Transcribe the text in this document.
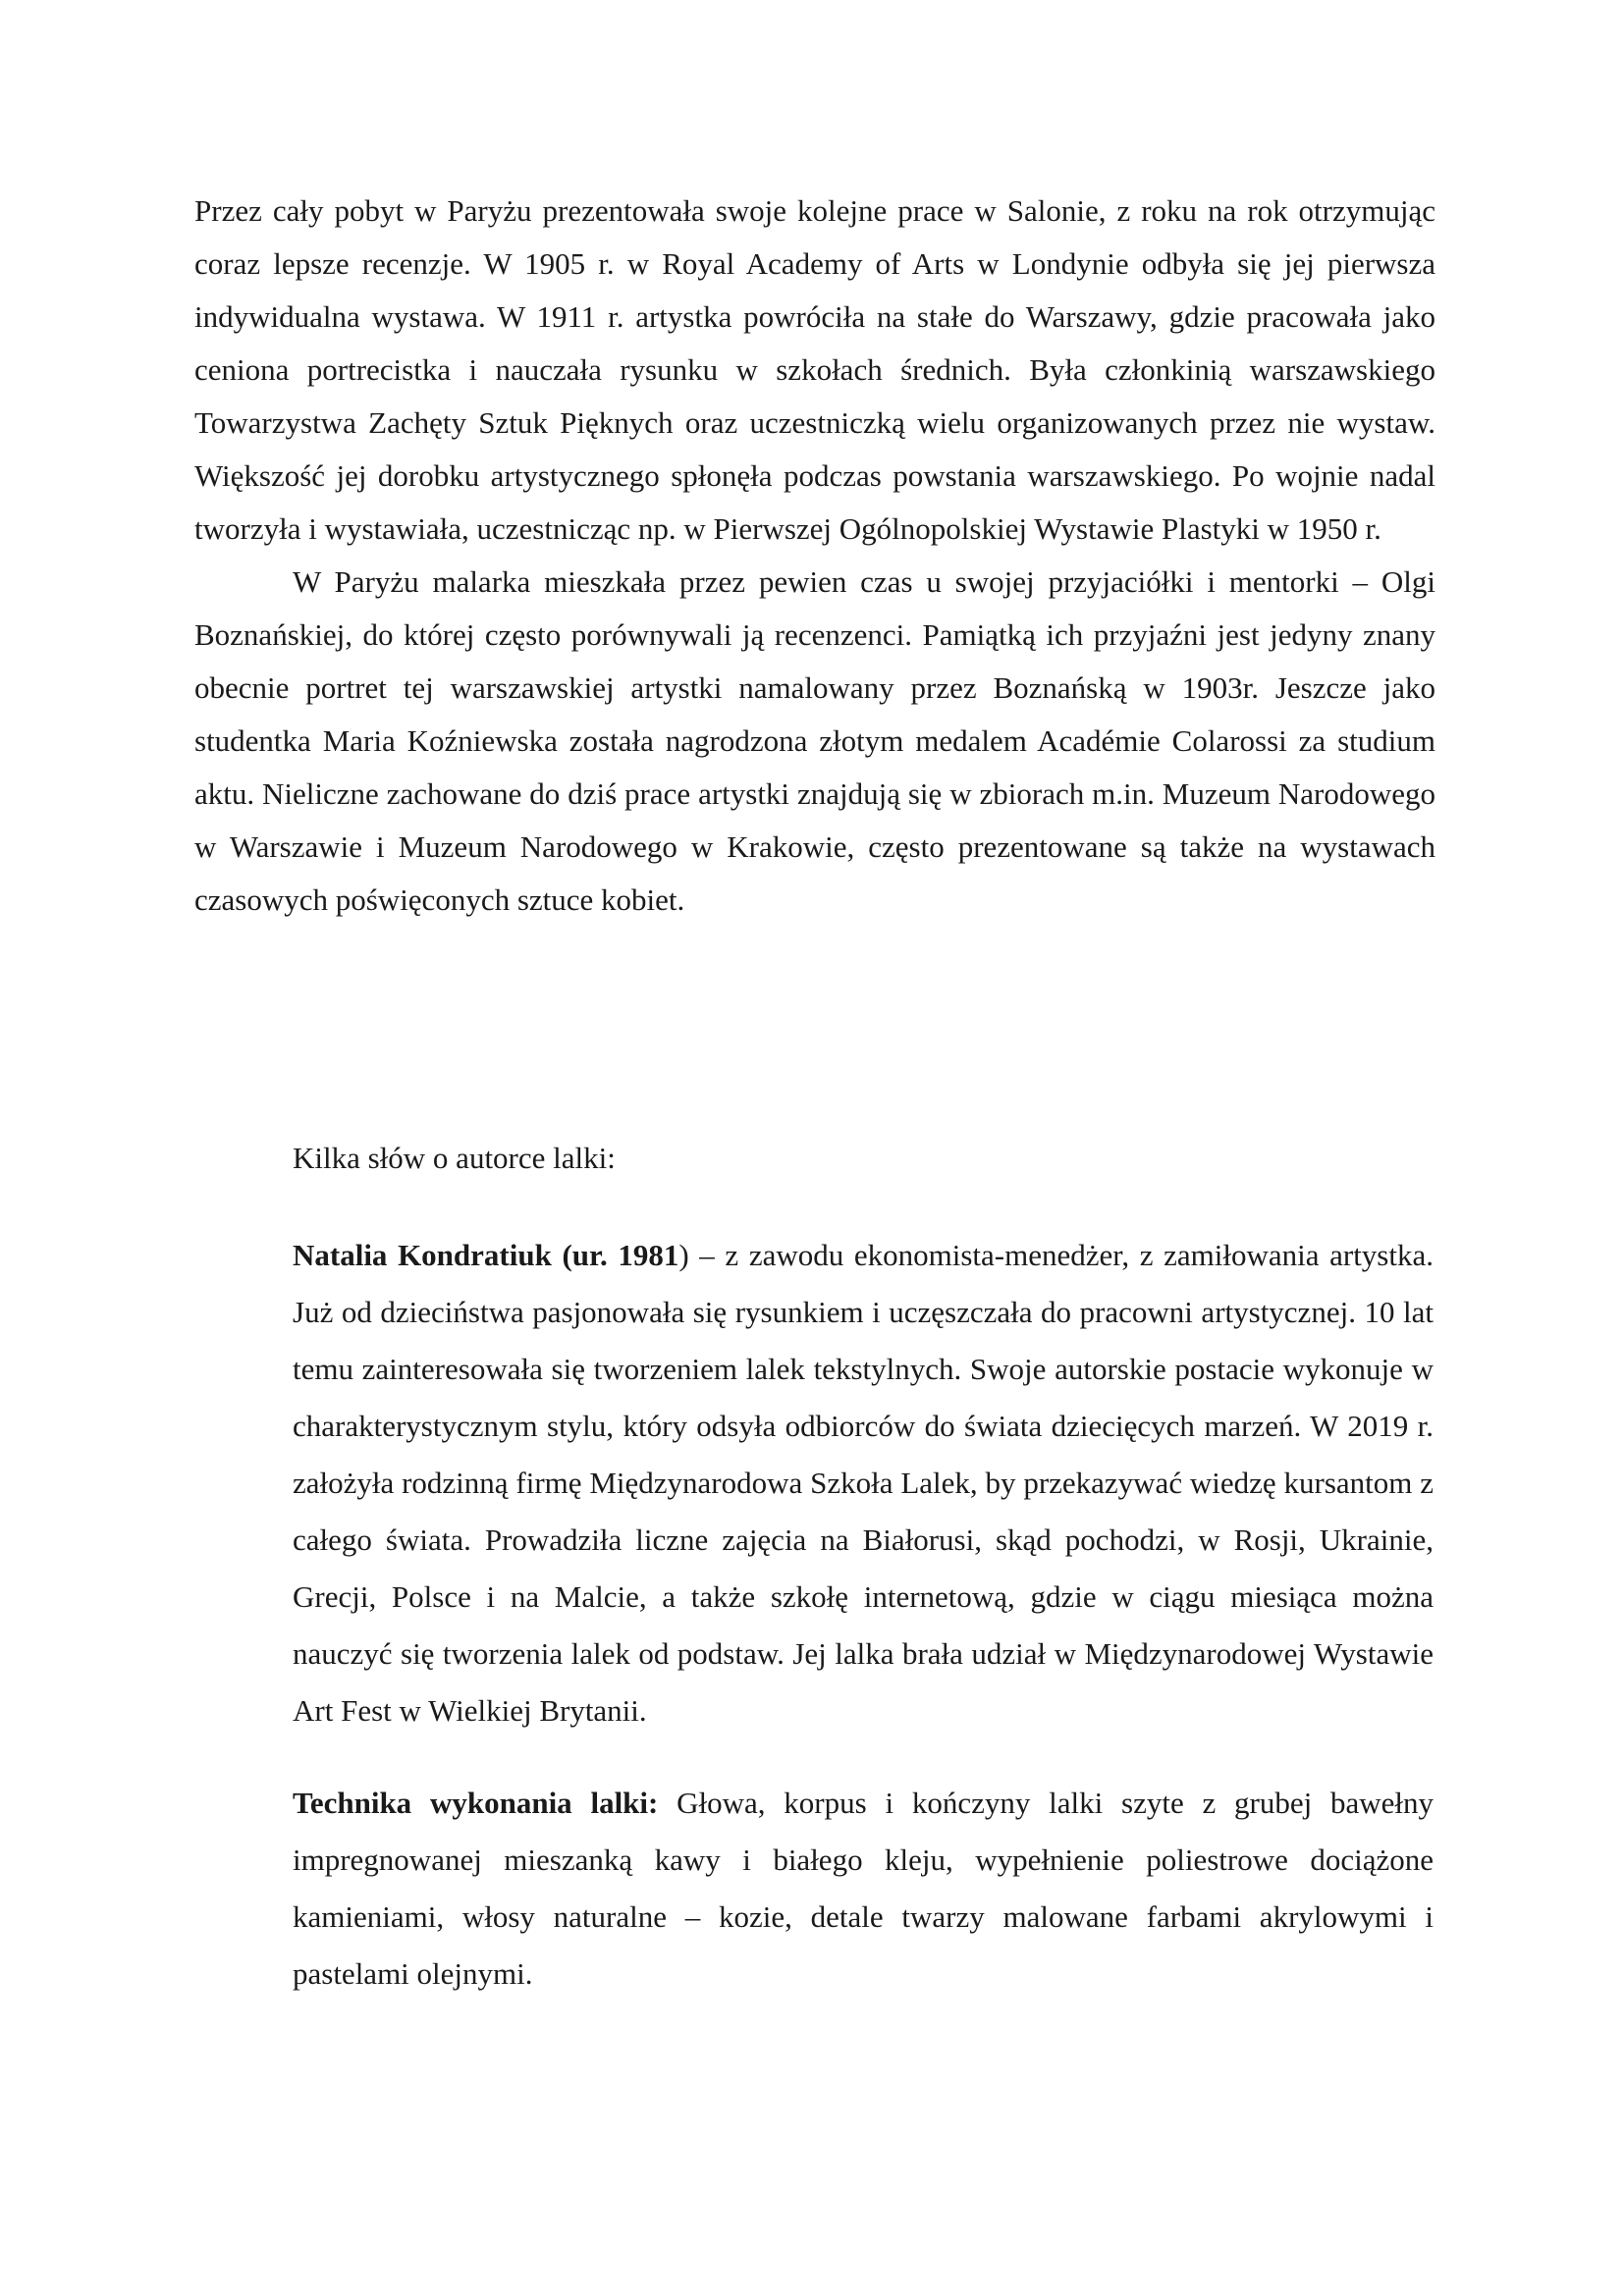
Przez cały pobyt w Paryżu prezentowała swoje kolejne prace w Salonie, z roku na rok otrzymując coraz lepsze recenzje. W 1905 r. w Royal Academy of Arts w Londynie odbyła się jej pierwsza indywidualna wystawa. W 1911 r. artystka powróciła na stałe do Warszawy, gdzie pracowała jako ceniona portrecistka i nauczała rysunku w szkołach średnich. Była członkinią warszawskiego Towarzystwa Zachęty Sztuk Pięknych oraz uczestniczką wielu organizowanych przez nie wystaw. Większość jej dorobku artystycznego spłonęła podczas powstania warszawskiego. Po wojnie nadal tworzyła i wystawiała, uczestnicząc np. w Pierwszej Ogólnopolskiej Wystawie Plastyki w 1950 r.

W Paryżu malarka mieszkała przez pewien czas u swojej przyjaciółki i mentorki – Olgi Boznańskiej, do której często porównywali ją recenzenci. Pamiątką ich przyjaźni jest jedyny znany obecnie portret tej warszawskiej artystki namalowany przez Boznańską w 1903r. Jeszcze jako studentka Maria Koźniewska została nagrodzona złotym medalem Académie Colarossi za studium aktu. Nieliczne zachowane do dziś prace artystki znajdują się w zbiorach m.in. Muzeum Narodowego w Warszawie i Muzeum Narodowego w Krakowie, często prezentowane są także na wystawach czasowych poświęconych sztuce kobiet.

Kilka słów o autorce lalki:

Natalia Kondratiuk (ur. 1981) – z zawodu ekonomista-menedżer, z zamiłowania artystka. Już od dzieciństwa pasjonowała się rysunkiem i uczęszczała do pracowni artystycznej. 10 lat temu zainteresowała się tworzeniem lalek tekstylnych. Swoje autorskie postacie wykonuje w charakterystycznym stylu, który odsyła odbiorców do świata dziecięcych marzeń. W 2019 r. założyła rodzinną firmę Międzynarodowa Szkoła Lalek, by przekazywać wiedzę kursantom z całego świata. Prowadziła liczne zajęcia na Białorusi, skąd pochodzi, w Rosji, Ukrainie, Grecji, Polsce i na Malcie, a także szkołę internetową, gdzie w ciągu miesiąca można nauczyć się tworzenia lalek od podstaw. Jej lalka brała udział w Międzynarodowej Wystawie Art Fest w Wielkiej Brytanii.

Technika wykonania lalki: Głowa, korpus i kończyny lalki szyte z grubej bawełny impregnowanej mieszanką kawy i białego kleju, wypełnienie poliestrowe dociążone kamieniami, włosy naturalne – kozie, detale twarzy malowane farbami akrylowymi i pastelami olejnymi.
